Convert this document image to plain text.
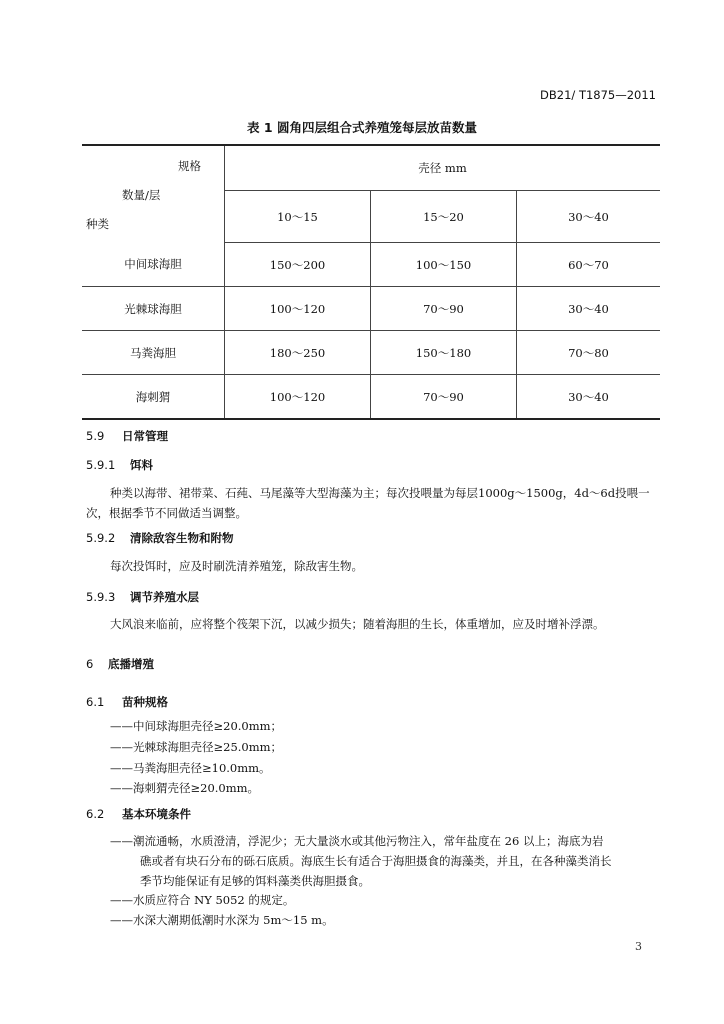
DB21/ T1875—2011
表 1 圆角四层组合式养殖笼每层放苗数量
规格
数量/层
种类	壳径 mm		
	10～15	15～20	30～40
中间球海胆	150～200	100～150	60～70
光棘球海胆	100～120	70～90	30～40
马粪海胆	180～250	150～180	70～80
海刺猬	100～120	70～90	30～40
5.9 日常管理
5.9.1 饵料
种类以海带、裙带菜、石莼、马尾藻等大型海藻为主；每次投喂量为每层1000g～1500g，4d～6d投喂一次，根据季节不同做适当调整。
5.9.2 清除敌容生物和附物
每次投饵时，应及时刷洗清养殖笼，除敌害生物。
5.9.3 调节养殖水层
大风浪来临前，应将整个筏架下沉，以减少损失；随着海胆的生长，体重增加，应及时增补浮漂。
6 底播增殖
6.1 苗种规格
——中间球海胆壳径≥20.0mm；
——光棘球海胆壳径≥25.0mm；
——马粪海胆壳径≥10.0mm。
——海刺猬壳径≥20.0mm。
6.2 基本环境条件
——潮流通畅，水质澄清，浮泥少；无大量淡水或其他污物注入，常年盐度在 26 以上；海底为岩
礁或者有块石分布的砾石底质。海底生长有适合于海胆摄食的海藻类，并且，在各种藻类消长
季节均能保证有足够的饵料藻类供海胆摄食。
——水质应符合 NY 5052 的规定。
——水深大潮期低潮时水深为 5m～15 m。
3
